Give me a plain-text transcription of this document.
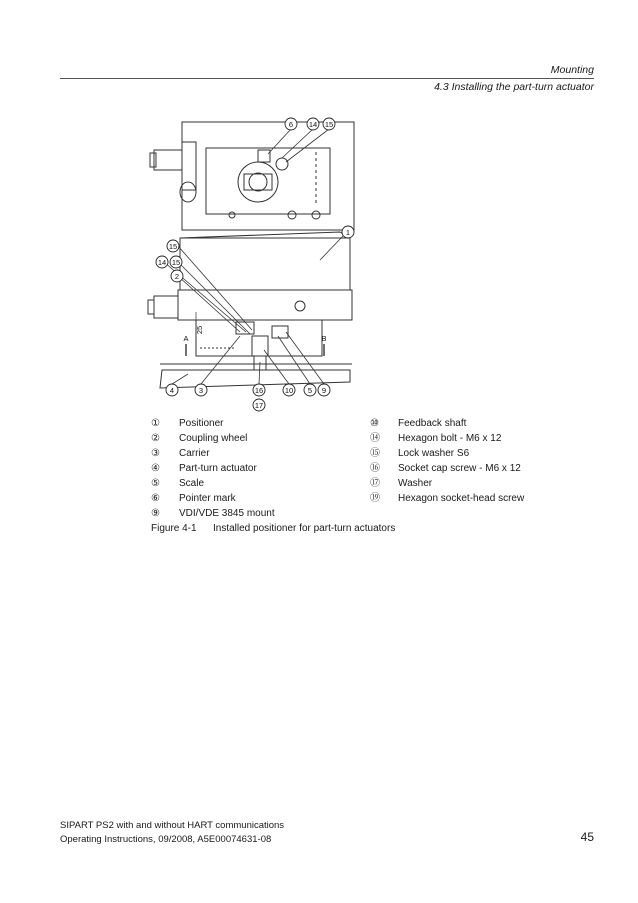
Mounting
4.3 Installing the part-turn actuator
6 14 15
1
15
14 15
2
4	3	16
17
10 5 9
25
A	B
①	Positioner
②	Coupling wheel
③	Carrier
④	Part-turn actuator
⑤	Scale
⑥	Pointer mark
⑨	VDI/VDE 3845 mount
⑩	Feedback shaft
⑭	Hexagon bolt - M6 x 12
⑮	Lock washer S6
⑯	Socket cap screw - M6 x 12
⑰	Washer
⑲	Hexagon socket-head screw
Figure 4-1	Installed positioner for part-turn actuators
SIPART PS2 with and without HART communications
Operating Instructions, 09/2008, A5E00074631-08	45
